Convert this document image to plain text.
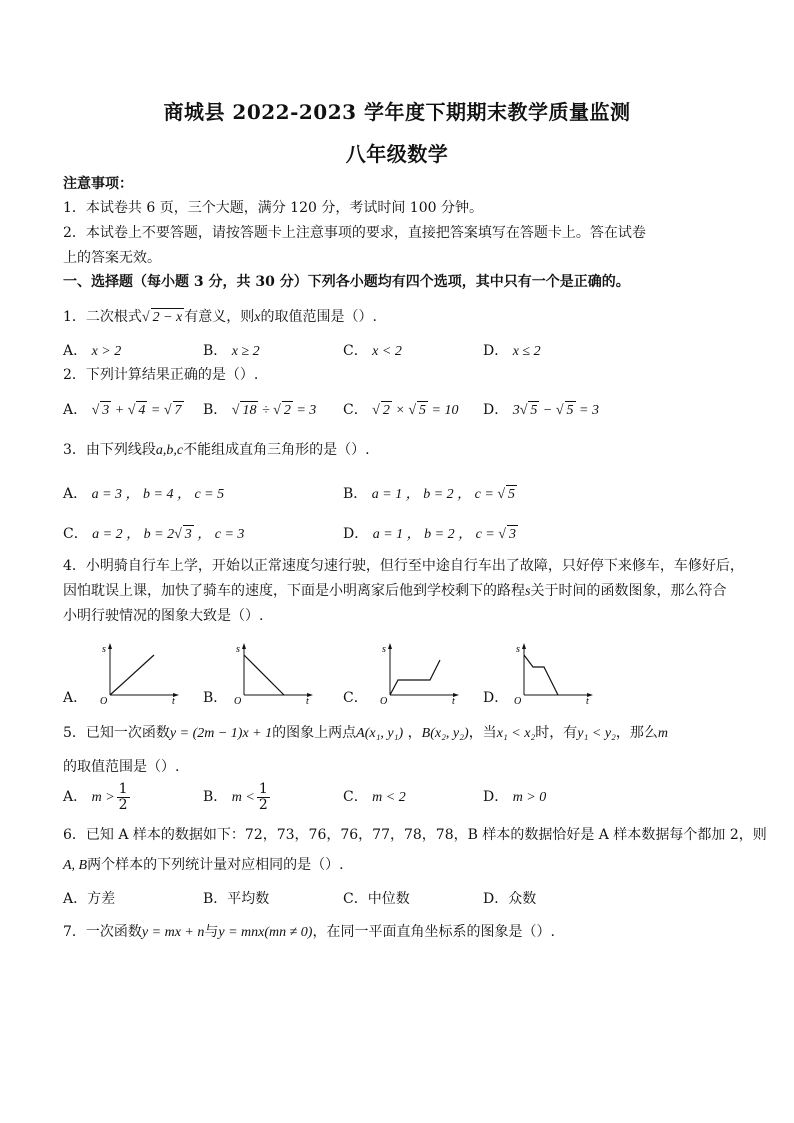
商城县 2022-2023 学年度下期期末教学质量监测
八年级数学
注意事项：
1．本试卷共 6 页，三个大题，满分 120 分，考试时间 100 分钟。
2．本试卷上不要答题，请按答题卡上注意事项的要求，直接把答案填写在答题卡上。答在试卷
上的答案无效。
一、选择题（每小题 3 分，共 30 分）下列各小题均有四个选项，其中只有一个是正确的。
1．二次根式√ 2 − x 有意义，则x的取值范围是（）.
A． x > 2	B． x ≥ 2	C． x < 2	D． x ≤ 2
2．下列计算结果正确的是（）.
A． √ 3 + √ 4 = √ 7 B． √ 18 ÷ √ 2 = 3 C． √ 2 × √ 5 = 10 D． 3√ 5 − √ 5 = 3
3．由下列线段a,b,c不能组成直角三角形的是（）.
A． a = 3 ， b = 4 ， c = 5	B． a = 1 ， b = 2 ， c = √ 5
C． a = 2 ， b = 2√ 3 ， c = 3	D． a = 1 ， b = 2 ， c = √ 3
4．小明骑自行车上学，开始以正常速度匀速行驶，但行至中途自行车出了故障，只好停下来修车，车修好后，
因怕耽误上课，加快了骑车的速度，下面是小明离家后他到学校剩下的路程s关于时间的函数图象，那么符合
小明行驶情况的图象大致是（）.
A．	B．	C．	D．
s
t
O
s
t
O
s
t
O
s
t
O
5．已知一次函数y = (2m − 1)x + 1的图象上两点A(x₁, y₁) ，B(x₂, y₂)，当x₁ < x₂时，有y₁ < y₂，那么m
的取值范围是（）.
A． $m > \frac{1}{2}$	B． $m < \frac{1}{2}$	C． m < 2	D． m > 0
6．已知 A 样本的数据如下：72，73，76，76，77，78，78，B 样本的数据恰好是 A 样本数据每个都加 2，则
A, B两个样本的下列统计量对应相同的是（）.
A．方差	B．平均数	C．中位数	D．众数
7．一次函数y = mx + n与y = mnx(mn ≠ 0)，在同一平面直角坐标系的图象是（）.
